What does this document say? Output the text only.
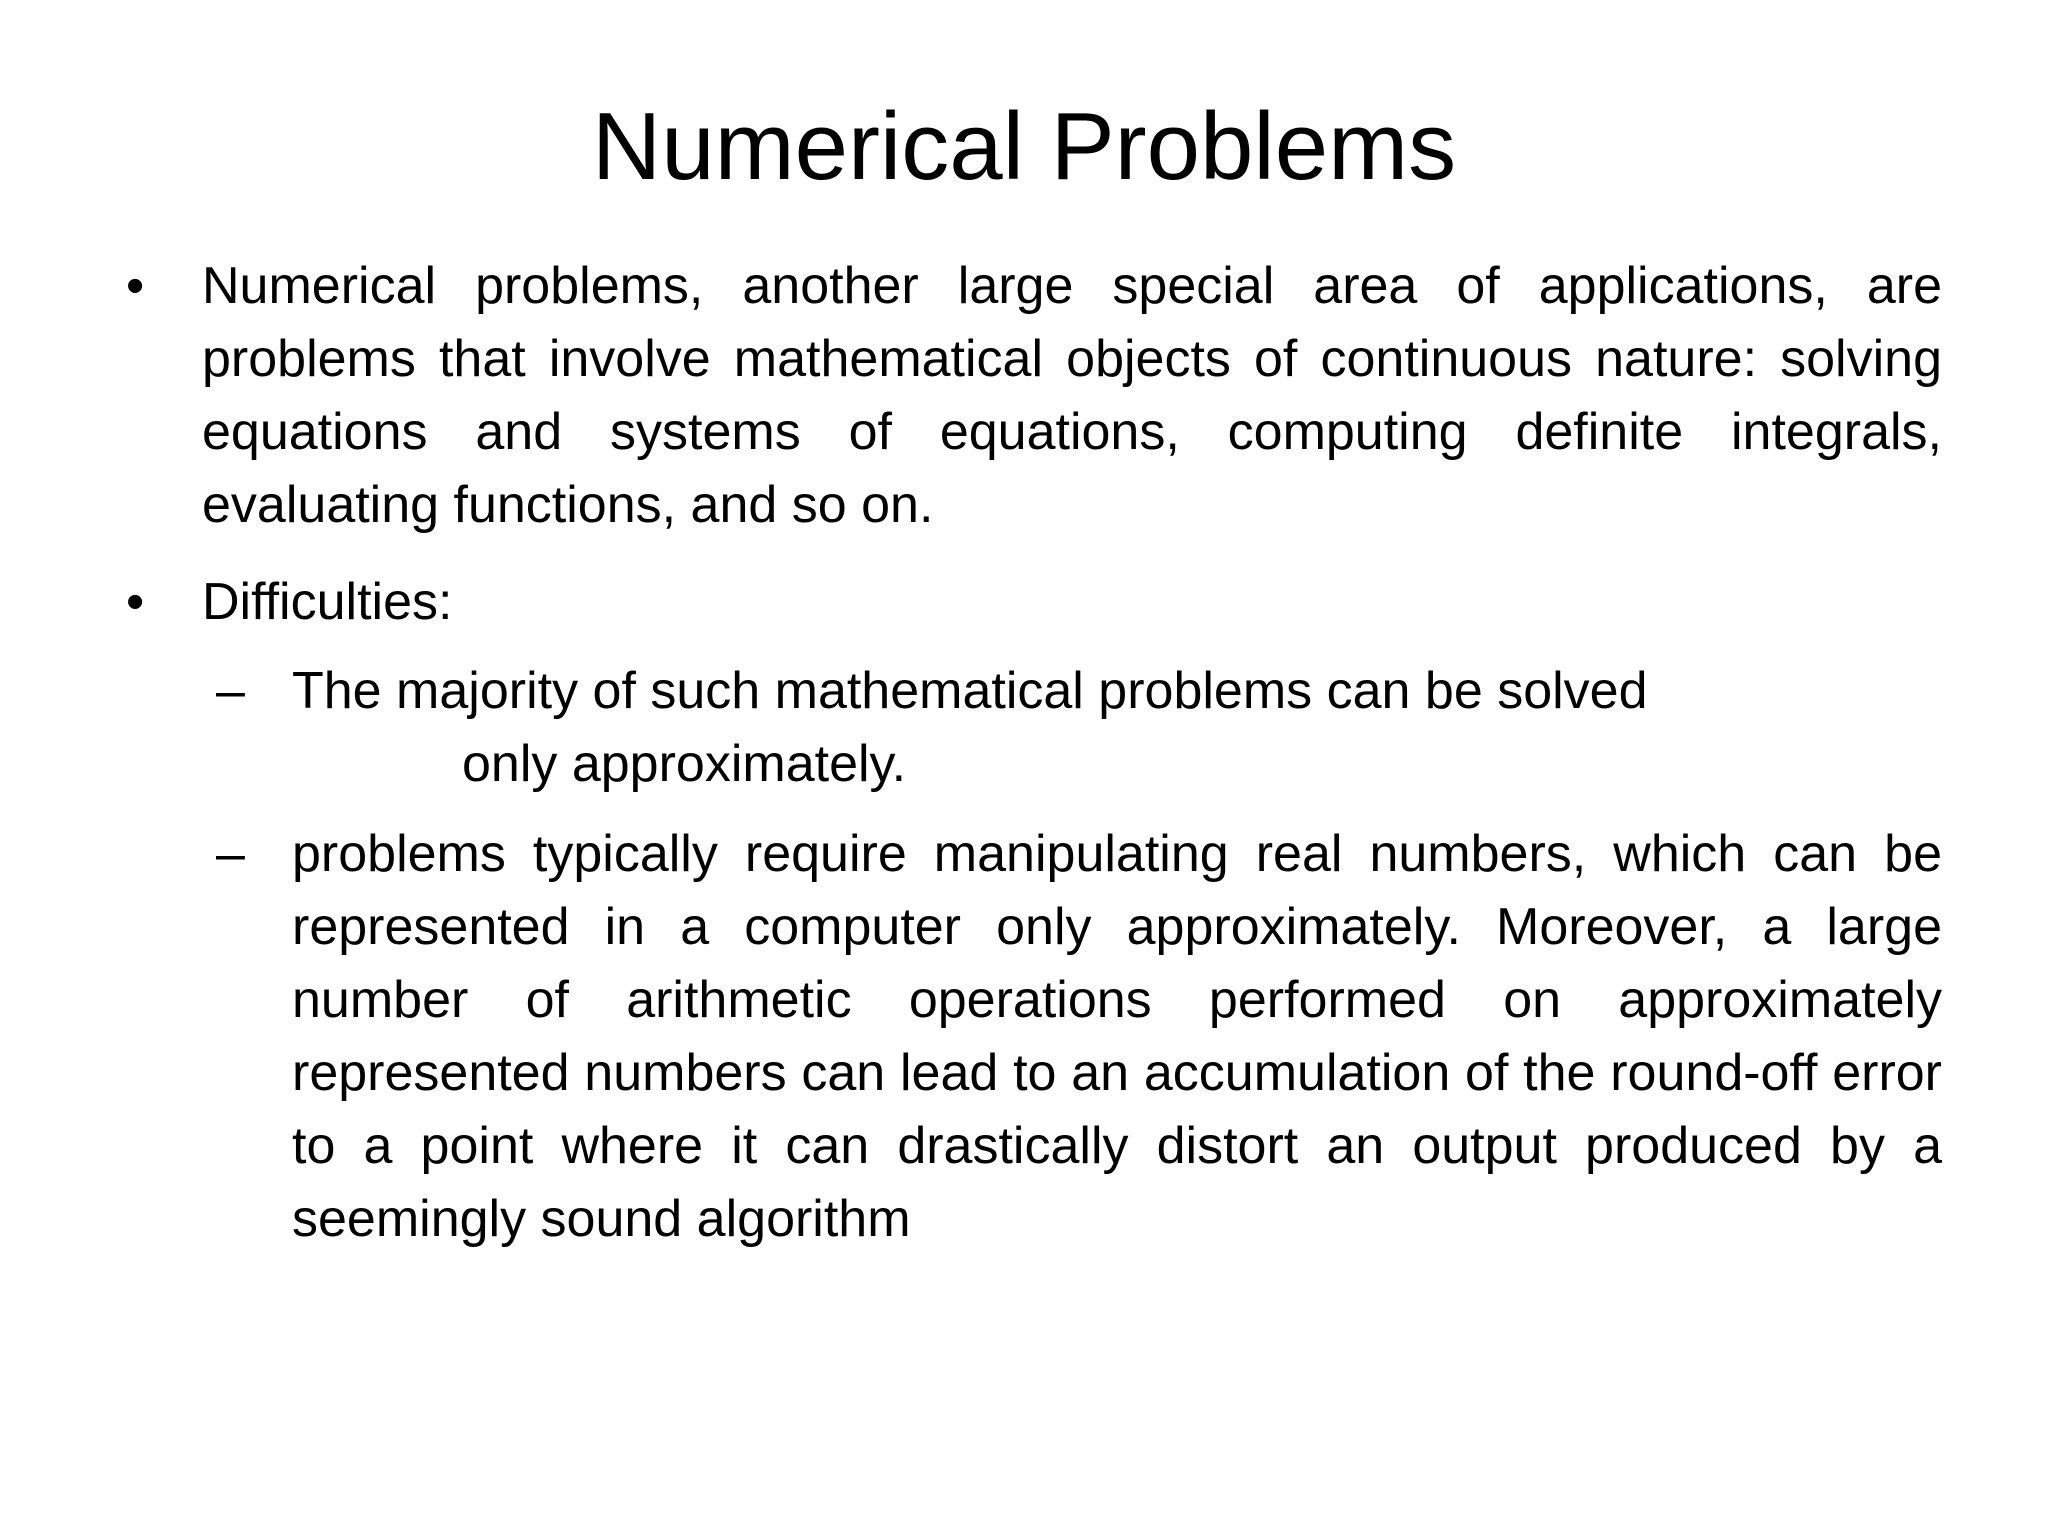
Numerical Problems
• Numerical problems, another large special area of applications, are problems that involve mathematical objects of continuous nature: solving equations and systems of equations, computing definite integrals, evaluating functions, and so on.
• Difficulties:
– The majority of such mathematical problems can be solved
only approximately.
– problems typically require manipulating real numbers, which can be represented in a computer only approximately. Moreover, a large number of arithmetic operations performed on approximately represented numbers can lead to an accumulation of the round-off error to a point where it can drastically distort an output produced by a seemingly sound algorithm
